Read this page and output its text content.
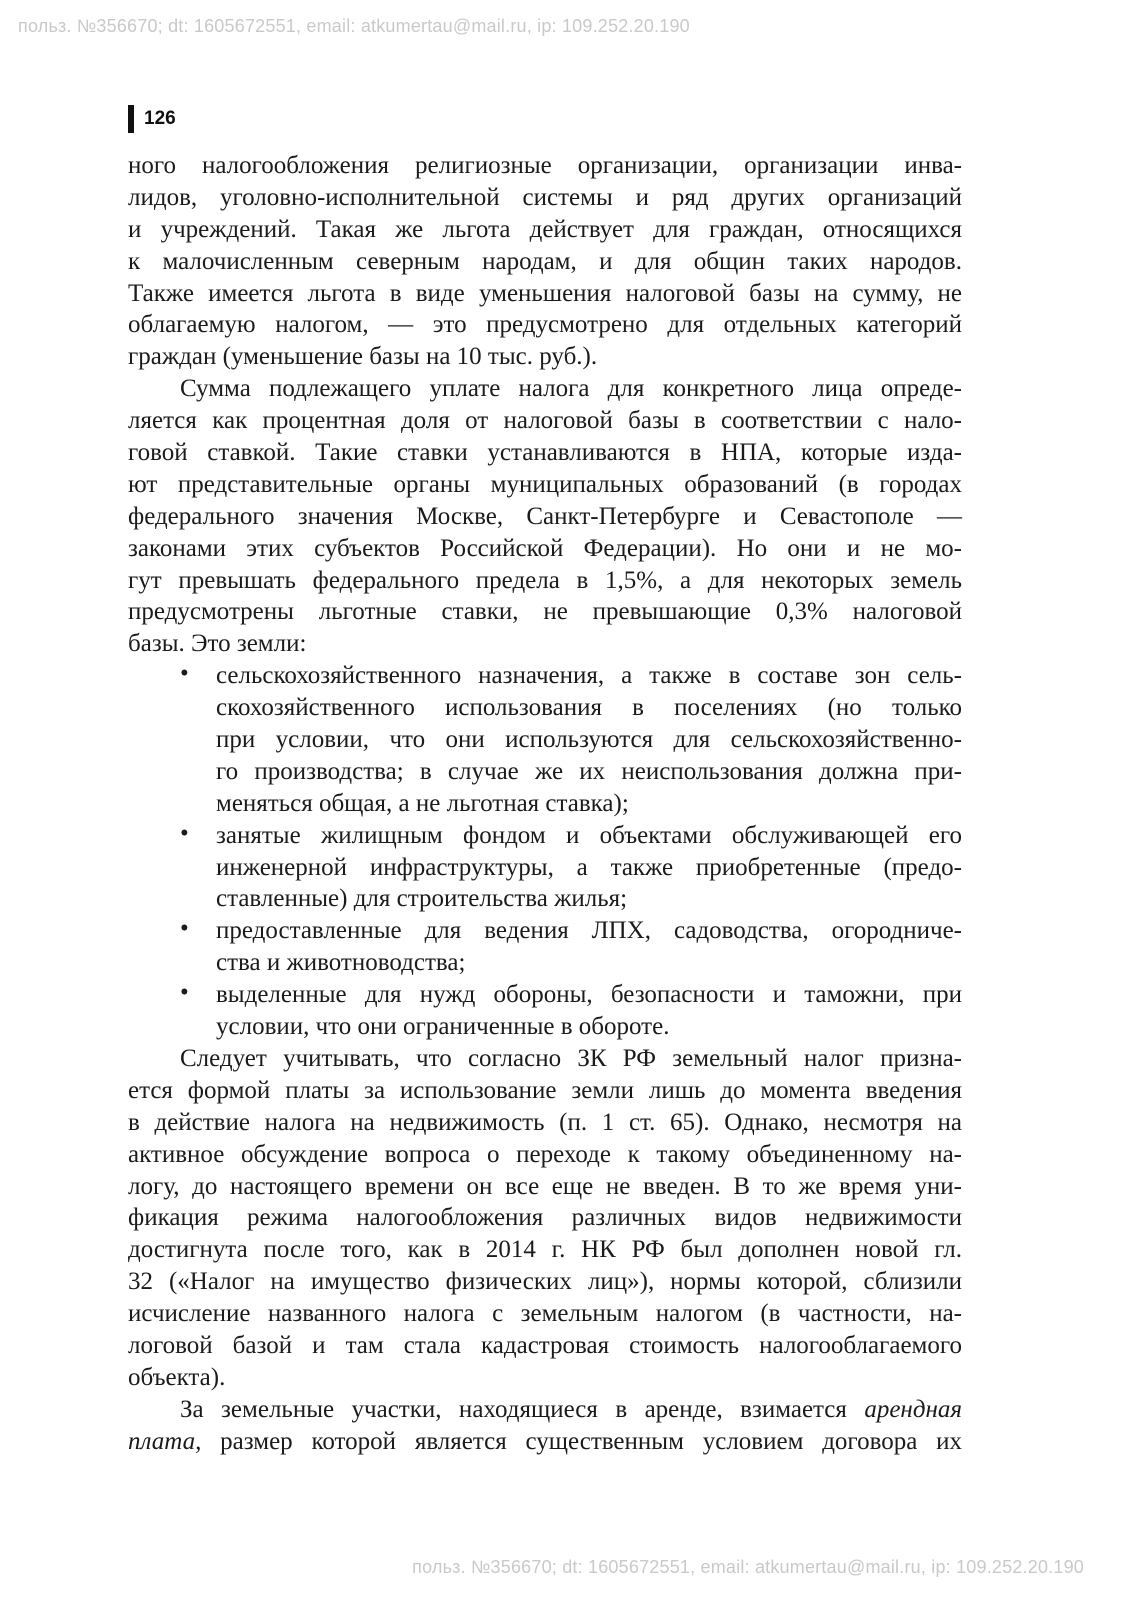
польз. №356670; dt: 1605672551, email: atkumertau@mail.ru, ip: 109.252.20.190
126
ного налогообложения религиозные организации, организации инва-
лидов, уголовно-исполнительной системы и ряд других организаций
и учреждений. Такая же льгота действует для граждан, относящихся
к малочисленным северным народам, и для общин таких народов.
Также имеется льгота в виде уменьшения налоговой базы на сумму, не
облагаемую налогом, — это предусмотрено для отдельных категорий
граждан (уменьшение базы на 10 тыс. руб.).
Сумма подлежащего уплате налога для конкретного лица опреде-
ляется как процентная доля от налоговой базы в соответствии с нало-
говой ставкой. Такие ставки устанавливаются в НПА, которые изда-
ют представительные органы муниципальных образований (в городах
федерального значения Москве, Санкт-Петербурге и Севастополе —
законами этих субъектов Российской Федерации). Но они и не мо-
гут превышать федерального предела в 1,5%, а для некоторых земель
предусмотрены льготные ставки, не превышающие 0,3% налоговой
базы. Это земли:
•	сельскохозяйственного назначения, а также в составе зон сель-
скохозяйственного использования в поселениях (но только
при условии, что они используются для сельскохозяйственно-
го производства; в случае же их неиспользования должна при-
меняться общая, а не льготная ставка);
•	занятые жилищным фондом и объектами обслуживающей его
инженерной инфраструктуры, а также приобретенные (предо-
ставленные) для строительства жилья;
•	предоставленные для ведения ЛПХ, садоводства, огородниче-
ства и животноводства;
•	выделенные для нужд обороны, безопасности и таможни, при
условии, что они ограниченные в обороте.
Следует учитывать, что согласно ЗК РФ земельный налог призна-
ется формой платы за использование земли лишь до момента введения
в действие налога на недвижимость (п. 1 ст. 65). Однако, несмотря на
активное обсуждение вопроса о переходе к такому объединенному на-
логу, до настоящего времени он все еще не введен. В то же время уни-
фикация режима налогообложения различных видов недвижимости
достигнута после того, как в 2014 г. НК РФ был дополнен новой гл.
32 («Налог на имущество физических лиц»), нормы которой, сблизили
исчисление названного налога с земельным налогом (в частности, на-
логовой базой и там стала кадастровая стоимость налогооблагаемого
объекта).
За земельные участки, находящиеся в аренде, взимается арендная
плата, размер которой является существенным условием договора их
польз. №356670; dt: 1605672551, email: atkumertau@mail.ru, ip: 109.252.20.190
